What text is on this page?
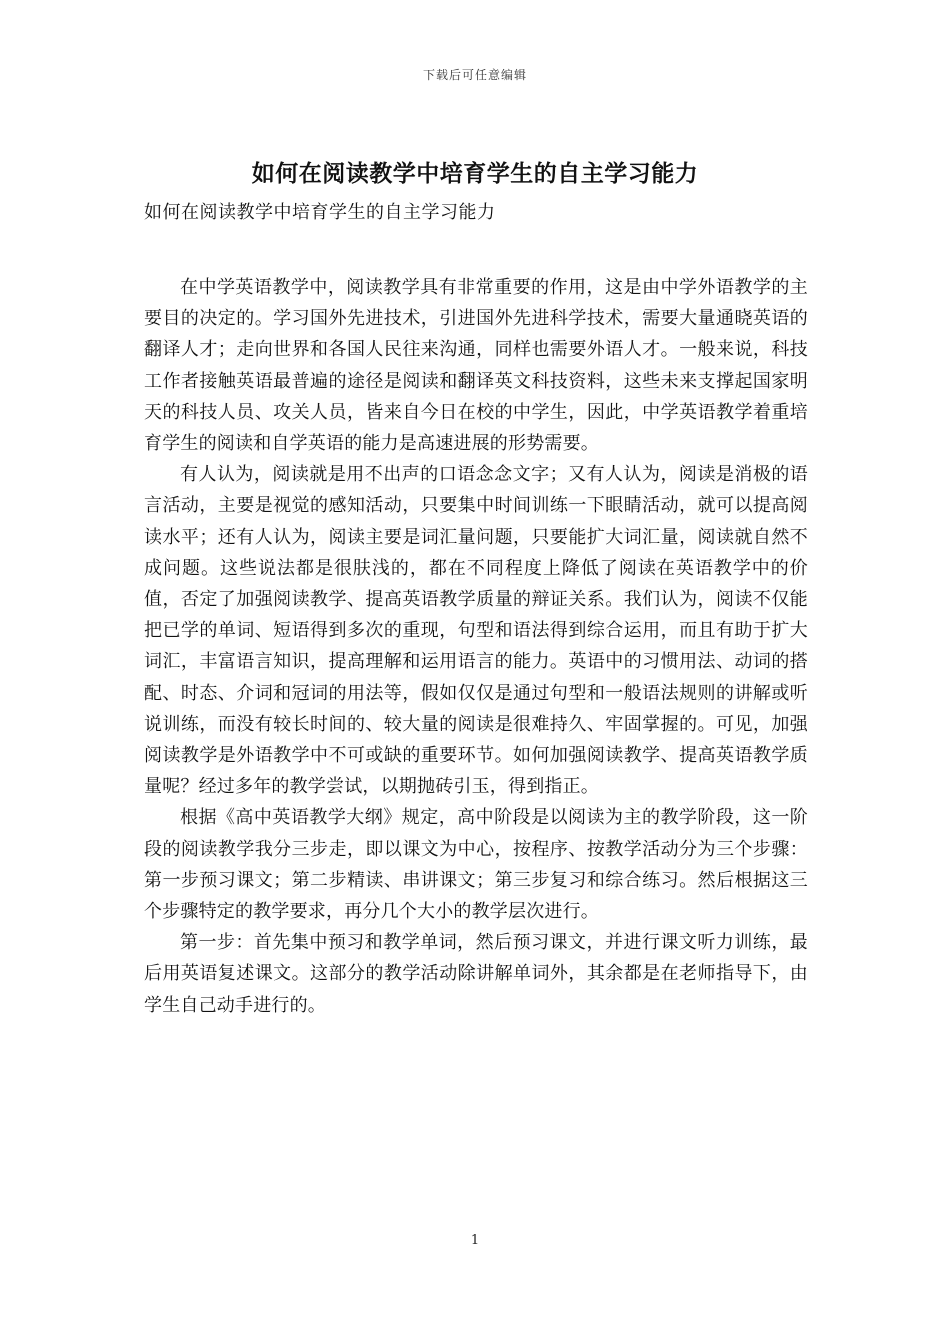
下载后可任意编辑
如何在阅读教学中培育学生的自主学习能力
如何在阅读教学中培育学生的自主学习能力

在中学英语教学中，阅读教学具有非常重要的作用，这是由中学外语教学的主要目的决定的。学习国外先进技术，引进国外先进科学技术，需要大量通晓英语的翻译人才；走向世界和各国人民往来沟通，同样也需要外语人才。一般来说，科技工作者接触英语最普遍的途径是阅读和翻译英文科技资料，这些未来支撑起国家明天的科技人员、攻关人员，皆来自今日在校的中学生，因此，中学英语教学着重培育学生的阅读和自学英语的能力是高速进展的形势需要。

有人认为，阅读就是用不出声的口语念念文字；又有人认为，阅读是消极的语言活动，主要是视觉的感知活动，只要集中时间训练一下眼睛活动，就可以提高阅读水平；还有人认为，阅读主要是词汇量问题，只要能扩大词汇量，阅读就自然不成问题。这些说法都是很肤浅的，都在不同程度上降低了阅读在英语教学中的价值，否定了加强阅读教学、提高英语教学质量的辩证关系。我们认为，阅读不仅能把已学的单词、短语得到多次的重现，句型和语法得到综合运用，而且有助于扩大词汇，丰富语言知识，提高理解和运用语言的能力。英语中的习惯用法、动词的搭配、时态、介词和冠词的用法等，假如仅仅是通过句型和一般语法规则的讲解或听说训练，而没有较长时间的、较大量的阅读是很难持久、牢固掌握的。可见，加强阅读教学是外语教学中不可或缺的重要环节。如何加强阅读教学、提高英语教学质量呢？经过多年的教学尝试，以期抛砖引玉，得到指正。

根据《高中英语教学大纲》规定，高中阶段是以阅读为主的教学阶段，这一阶段的阅读教学我分三步走，即以课文为中心，按程序、按教学活动分为三个步骤：第一步预习课文；第二步精读、串讲课文；第三步复习和综合练习。然后根据这三个步骤特定的教学要求，再分几个大小的教学层次进行。

第一步：首先集中预习和教学单词，然后预习课文，并进行课文听力训练，最后用英语复述课文。这部分的教学活动除讲解单词外，其余都是在老师指导下，由学生自己动手进行的。

1
